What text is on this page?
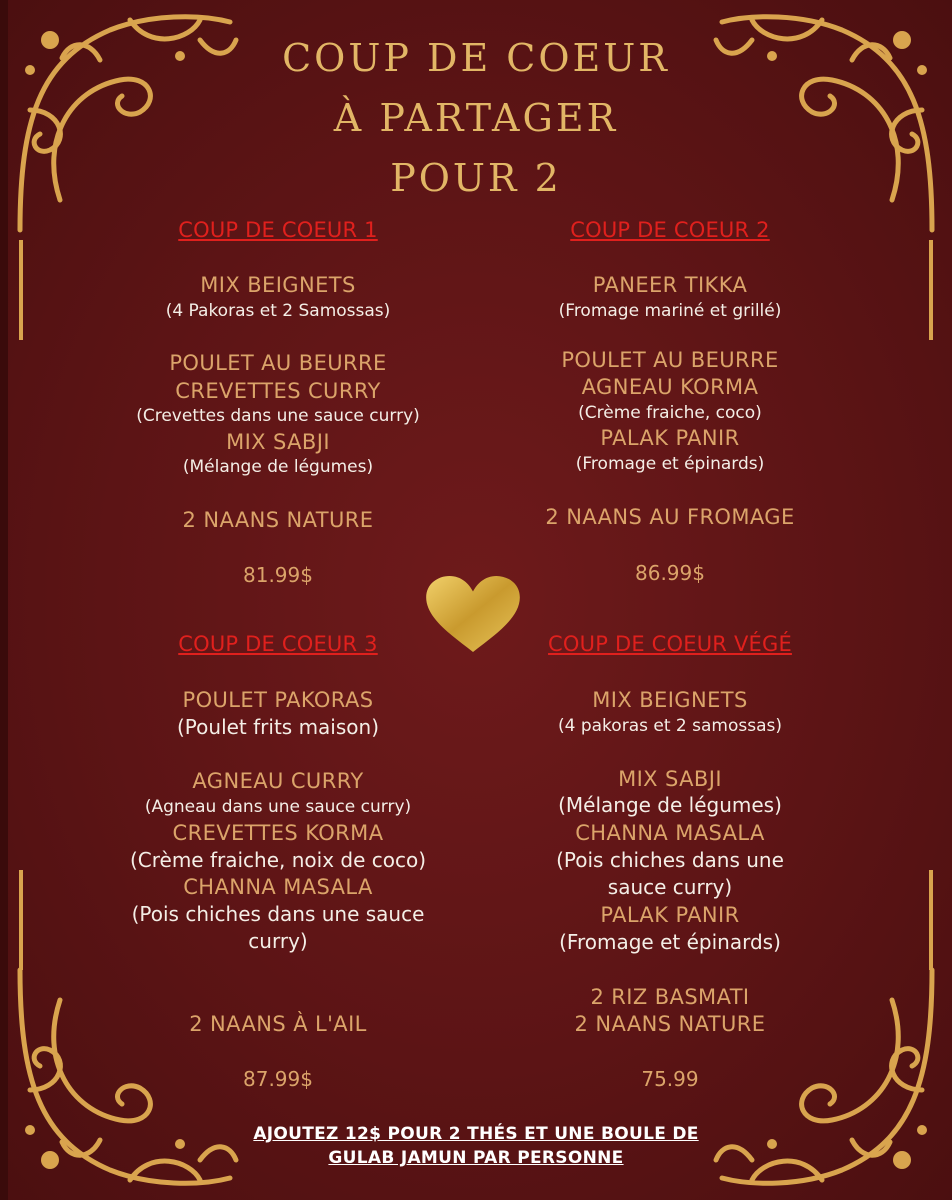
COUP DE COEUR
À PARTAGER
POUR 2
COUP DE COEUR 1
MIX BEIGNETS
(4 Pakoras et 2 Samossas)
POULET AU BEURRE
CREVETTES CURRY
(Crevettes dans une sauce curry)
MIX SABJI
(Mélange de légumes)
2 NAANS NATURE
81.99$
COUP DE COEUR 2
PANEER TIKKA
(Fromage mariné et grillé)
POULET AU BEURRE
AGNEAU KORMA
(Crème fraiche, coco)
PALAK PANIR
(Fromage et épinards)
2 NAANS AU FROMAGE
86.99$
COUP DE COEUR 3
POULET PAKORAS
(Poulet frits maison)
AGNEAU CURRY
(Agneau dans une sauce curry)
CREVETTES KORMA
(Crème fraiche, noix de coco)
CHANNA MASALA
(Pois chiches dans une sauce
curry)
2 NAANS À L'AIL
87.99$
COUP DE COEUR VÉGÉ
MIX BEIGNETS
(4 pakoras et 2 samossas)
MIX SABJI
(Mélange de légumes)
CHANNA MASALA
(Pois chiches dans une
sauce curry)
PALAK PANIR
(Fromage et épinards)
2 RIZ BASMATI
2 NAANS NATURE
75.99
AJOUTEZ 12$ POUR 2 THÉS ET UNE BOULE DE
GULAB JAMUN PAR PERSONNE
